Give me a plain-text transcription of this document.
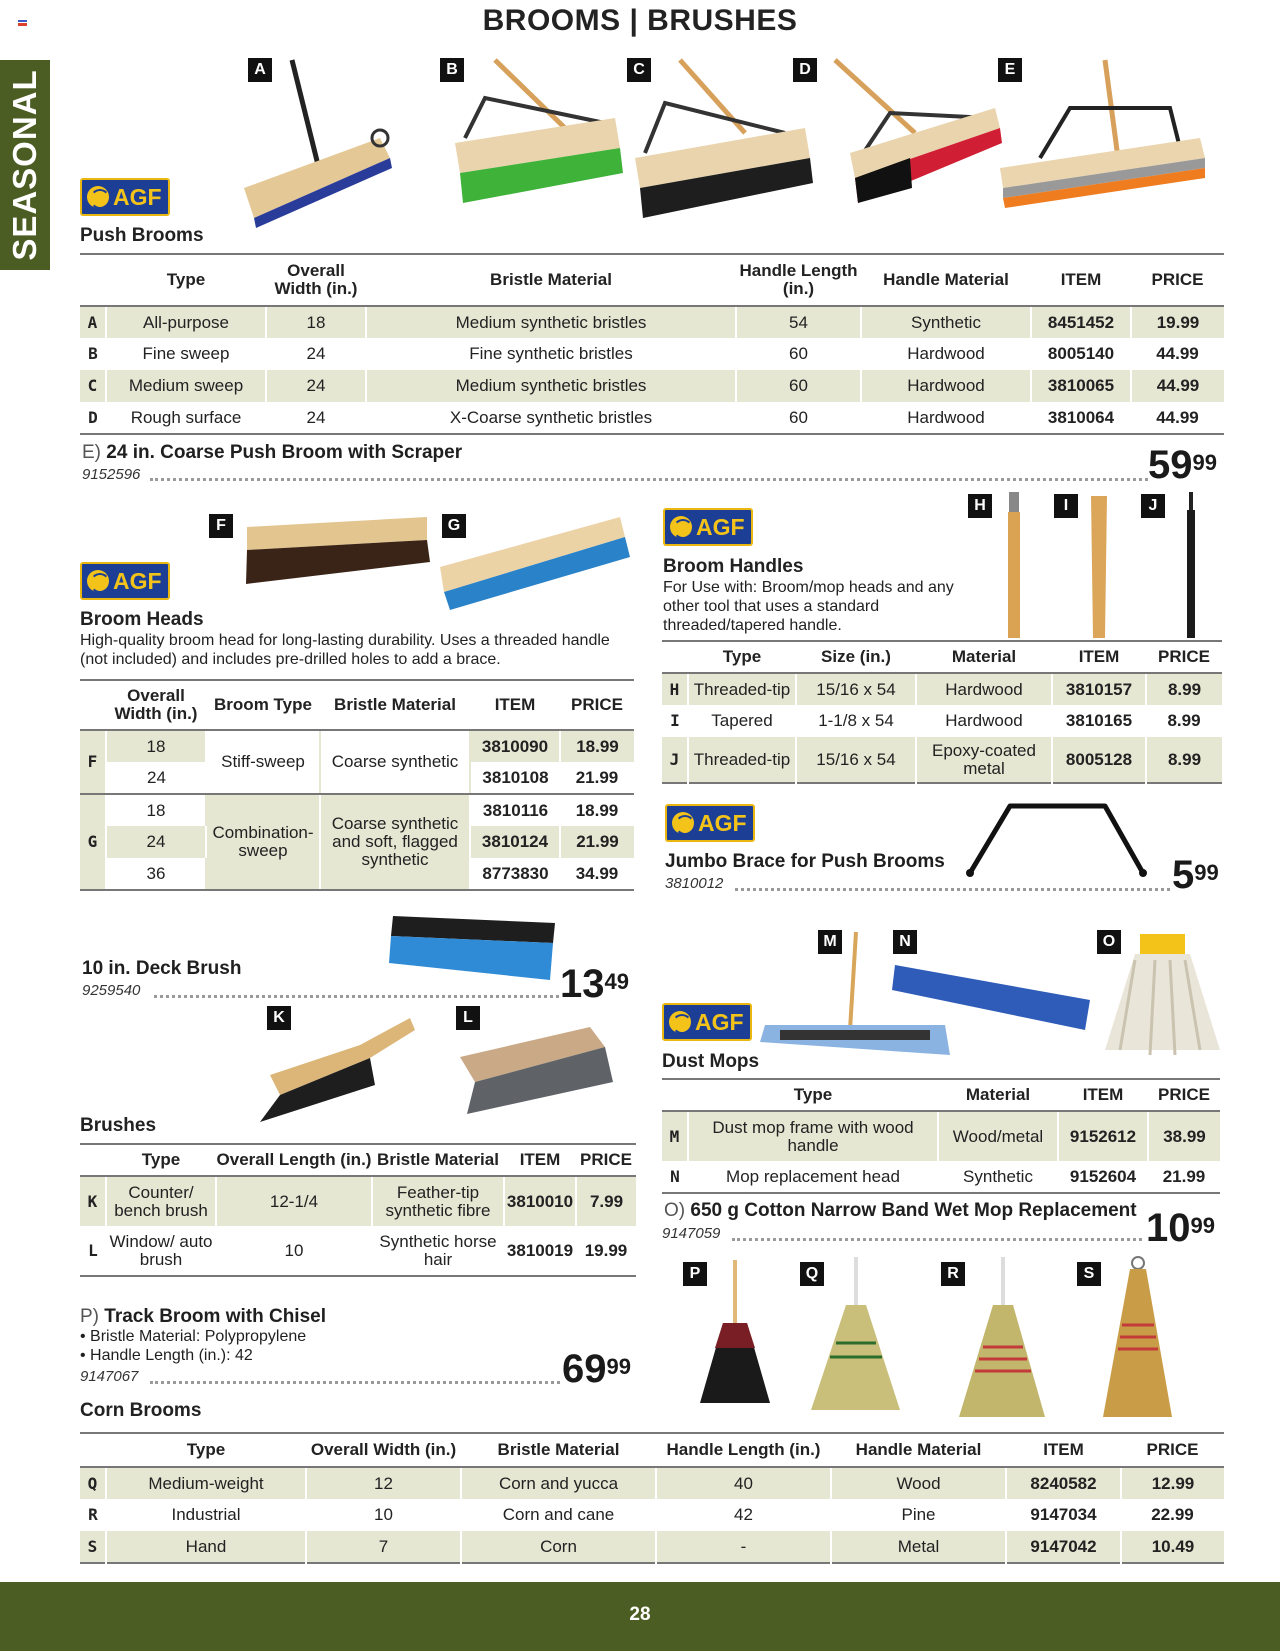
BROOMS | BRUSHES
SEASONAL	AGF
Push Brooms
A	B	C	D	E
	Type	Overall Width (in.)	Bristle Material	Handle Length (in.)	Handle Material	ITEM	PRICE
A	All-purpose	18	Medium synthetic bristles	54	Synthetic	8451452	19.99
B	Fine sweep	24	Fine synthetic bristles	60	Hardwood	8005140	44.99
C	Medium sweep	24	Medium synthetic bristles	60	Hardwood	3810065	44.99
D	Rough surface	24	X-Coarse synthetic bristles	60	Hardwood	3810064	44.99
E) 24 in. Coarse Push Broom with Scraper
9152596	$59^{99}$
F	G
AGF
Broom Heads
High-quality broom head for long-lasting durability. Uses a threaded handle (not included) and includes pre-drilled holes to add a brace.
	Overall Width (in.)	Broom Type	Bristle Material	ITEM	PRICE
F	18	Stiff-sweep	Coarse synthetic	3810090	18.99
	24			3810108	21.99
G	18	Combination-sweep	Coarse synthetic and soft, flagged synthetic	3810116	18.99
	24			3810124	21.99
	36			8773830	34.99
AGF
Broom Handles
For Use with: Broom/mop heads and any other tool that uses a standard threaded/tapered handle.
H	I	J
	Type	Size (in.)	Material	ITEM	PRICE
H	Threaded-tip	15/16 x 54	Hardwood	3810157	8.99
I	Tapered	1-1/8 x 54	Hardwood	3810165	8.99
J	Threaded-tip	15/16 x 54	Epoxy-coated metal	8005128	8.99
AGF
Jumbo Brace for Push Brooms
3810012	$5^{99}$
10 in. Deck Brush
9259540	$13^{49}$
K	L
Brushes
	Type	Overall Length (in.)	Bristle Material	ITEM	PRICE
K	Counter/ bench brush	12-1/4	Feather-tip synthetic fibre	3810010	7.99
L	Window/ auto brush	10	Synthetic horse hair	3810019	19.99
M	N	O
AGF
Dust Mops
	Type	Material	ITEM	PRICE
M	Dust mop frame with wood handle	Wood/metal	9152612	38.99
N	Mop replacement head	Synthetic	9152604	21.99
O) 650 g Cotton Narrow Band Wet Mop Replacement
9147059	$10^{99}$
P) Track Broom with Chisel
• Bristle Material: Polypropylene
• Handle Length (in.): 42
9147067	$69^{99}$
P	Q	R	S
Corn Brooms
	Type	Overall Width (in.)	Bristle Material	Handle Length (in.)	Handle Material	ITEM	PRICE
Q	Medium-weight	12	Corn and yucca	40	Wood	8240582	12.99
R	Industrial	10	Corn and cane	42	Pine	9147034	22.99
S	Hand	7	Corn	-	Metal	9147042	10.49
28
